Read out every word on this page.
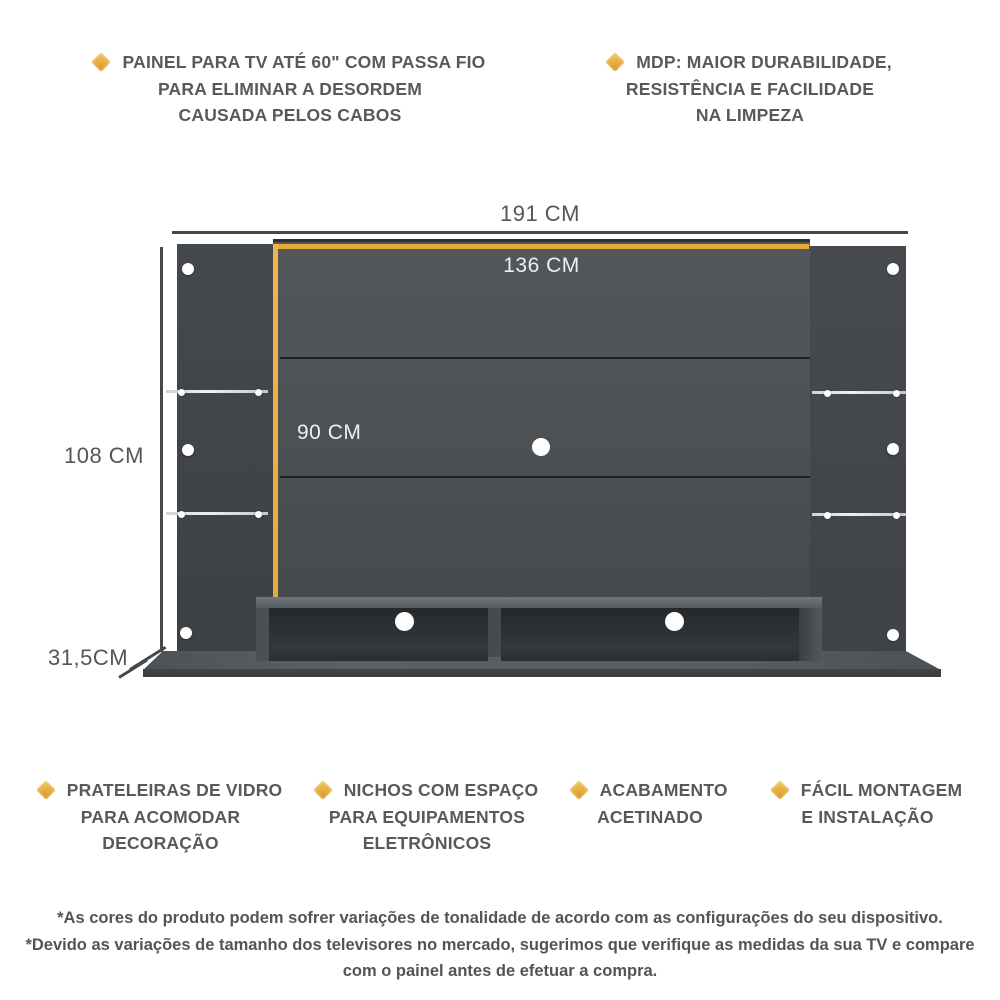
PAINEL PARA TV ATÉ 60" COM PASSA FIO
PARA ELIMINAR A DESORDEM
CAUSADA PELOS CABOS
MDP: MAIOR DURABILIDADE,
RESISTÊNCIA E FACILIDADE
NA LIMPEZA
136 CM
90 CM
191 CM
108 CM
31,5CM
PRATELEIRAS DE VIDRO
PARA ACOMODAR
DECORAÇÃO
NICHOS COM ESPAÇO
PARA EQUIPAMENTOS
ELETRÔNICOS
ACABAMENTO
ACETINADO
FÁCIL MONTAGEM
E INSTALAÇÃO
*As cores do produto podem sofrer variações de tonalidade de acordo com as configurações do seu dispositivo.
*Devido as variações de tamanho dos televisores no mercado, sugerimos que verifique as medidas da sua TV e compare
com o painel antes de efetuar a compra.
